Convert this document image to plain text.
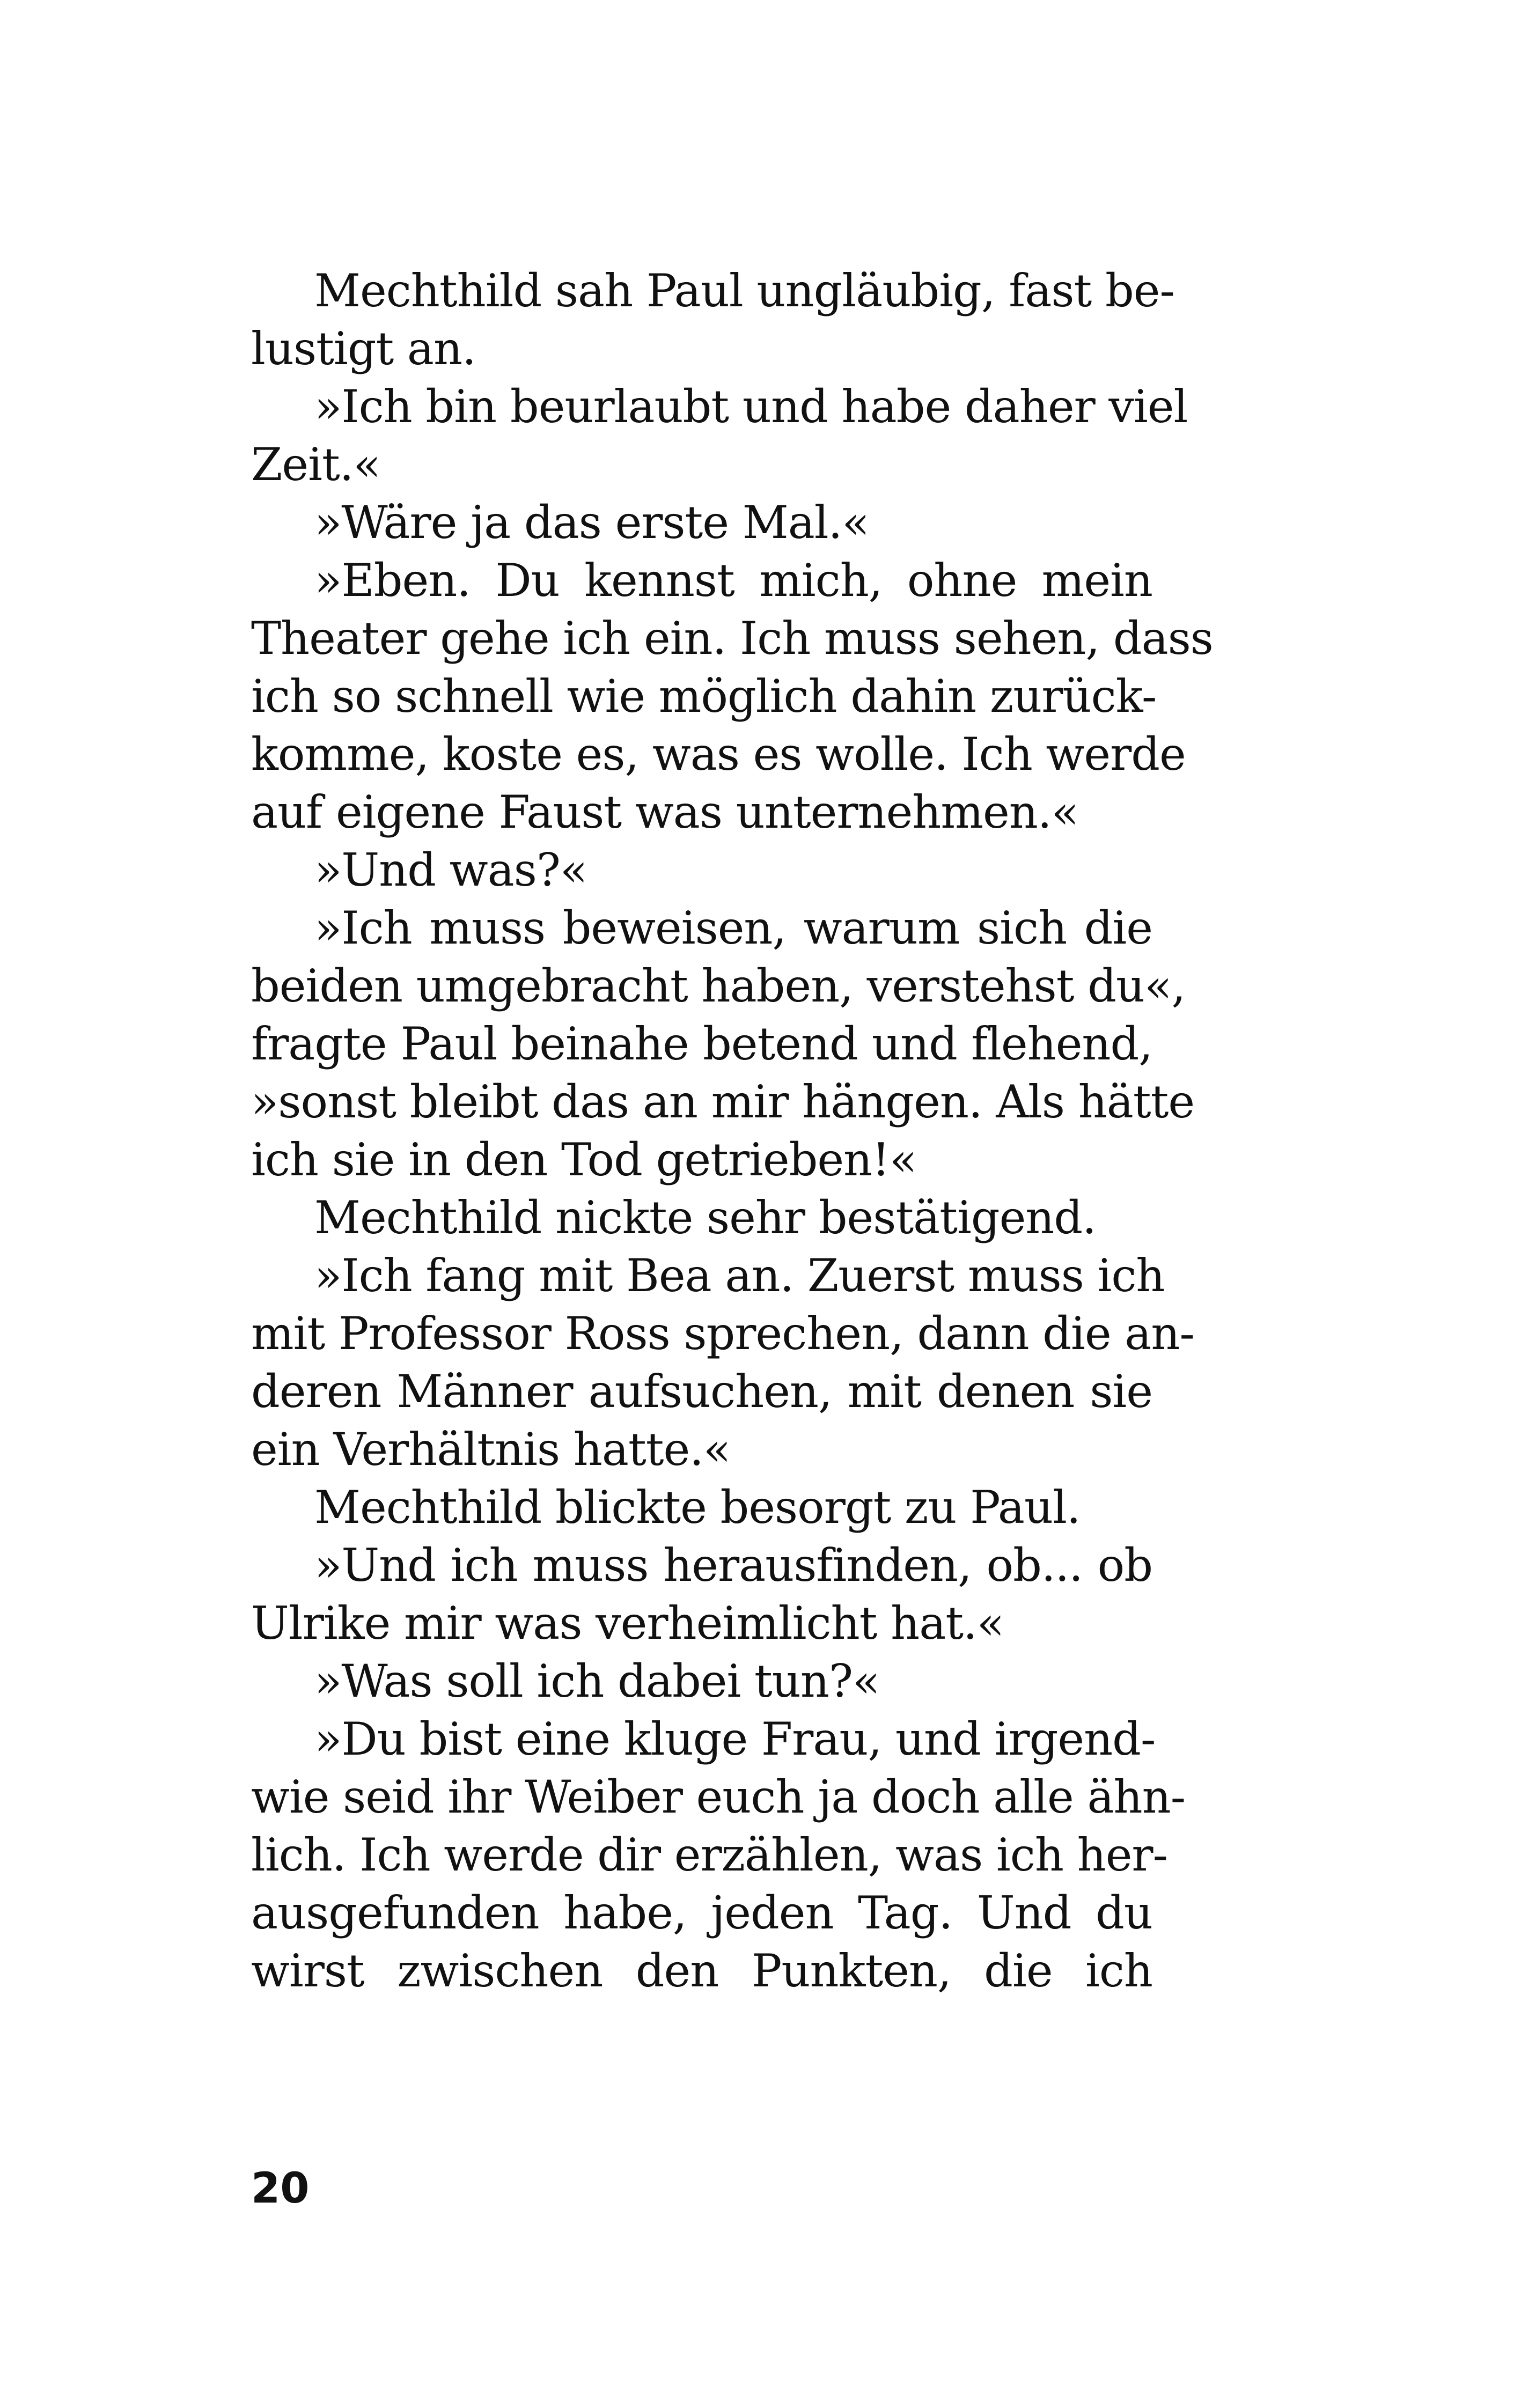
Mechthild sah Paul ungläubig, fast be-
lustigt an.
»Ich bin beurlaubt und habe daher viel
Zeit.«
»Wäre ja das erste Mal.«
»Eben. Du kennst mich, ohne mein
Theater gehe ich ein. Ich muss sehen, dass
ich so schnell wie möglich dahin zurück-
komme, koste es, was es wolle. Ich werde
auf eigene Faust was unternehmen.«
»Und was?«
»Ich muss beweisen, warum sich die
beiden umgebracht haben, verstehst du«,
fragte Paul beinahe betend und flehend,
»sonst bleibt das an mir hängen. Als hätte
ich sie in den Tod getrieben!«
Mechthild nickte sehr bestätigend.
»Ich fang mit Bea an. Zuerst muss ich
mit Professor Ross sprechen, dann die an-
deren Männer aufsuchen, mit denen sie
ein Verhältnis hatte.«
Mechthild blickte besorgt zu Paul.
»Und ich muss herausfinden, ob... ob
Ulrike mir was verheimlicht hat.«
»Was soll ich dabei tun?«
»Du bist eine kluge Frau, und irgend-
wie seid ihr Weiber euch ja doch alle ähn-
lich. Ich werde dir erzählen, was ich her-
ausgefunden habe, jeden Tag. Und du
wirst zwischen den Punkten, die ich
20
